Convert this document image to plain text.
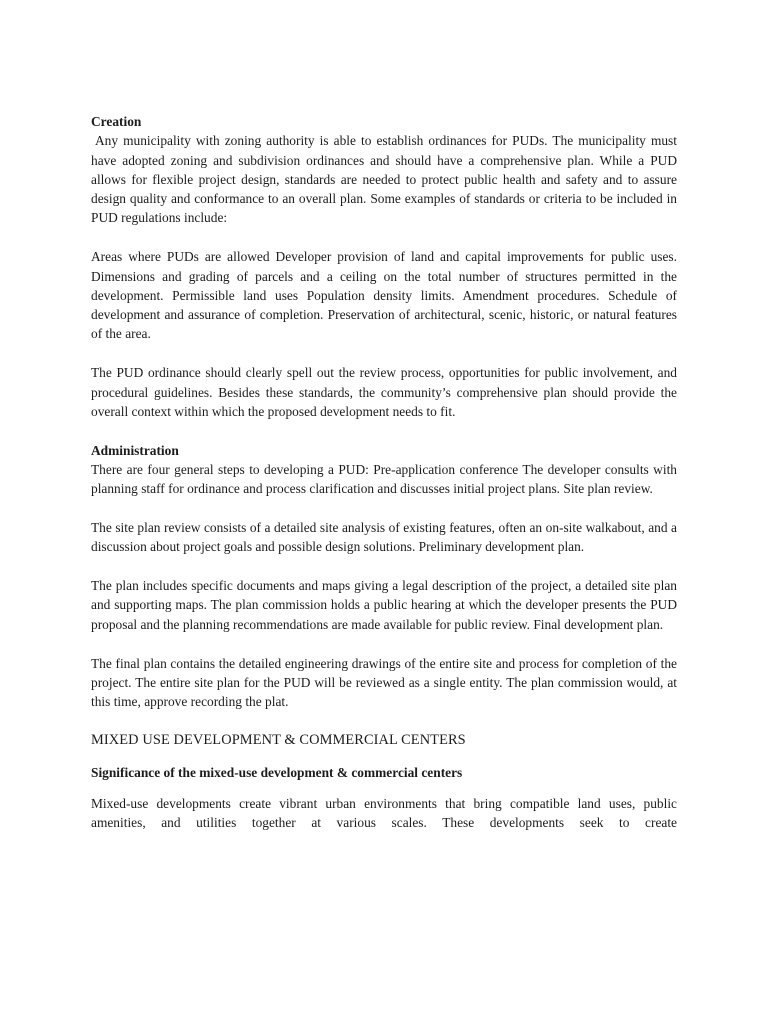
Creation

Any municipality with zoning authority is able to establish ordinances for PUDs. The municipality must have adopted zoning and subdivision ordinances and should have a comprehensive plan. While a PUD allows for flexible project design, standards are needed to protect public health and safety and to assure design quality and conformance to an overall plan. Some examples of standards or criteria to be included in PUD regulations include:

Areas where PUDs are allowed Developer provision of land and capital improvements for public uses. Dimensions and grading of parcels and a ceiling on the total number of structures permitted in the development. Permissible land uses Population density limits. Amendment procedures. Schedule of development and assurance of completion. Preservation of architectural, scenic, historic, or natural features of the area.

The PUD ordinance should clearly spell out the review process, opportunities for public involvement, and procedural guidelines. Besides these standards, the community’s comprehensive plan should provide the overall context within which the proposed development needs to fit.

Administration

There are four general steps to developing a PUD: Pre-application conference The developer consults with planning staff for ordinance and process clarification and discusses initial project plans. Site plan review.

The site plan review consists of a detailed site analysis of existing features, often an on-site walkabout, and a discussion about project goals and possible design solutions. Preliminary development plan.

The plan includes specific documents and maps giving a legal description of the project, a detailed site plan and supporting maps. The plan commission holds a public hearing at which the developer presents the PUD proposal and the planning recommendations are made available for public review. Final development plan.

The final plan contains the detailed engineering drawings of the entire site and process for completion of the project. The entire site plan for the PUD will be reviewed as a single entity. The plan commission would, at this time, approve recording the plat.

MIXED USE DEVELOPMENT & COMMERCIAL CENTERS

Significance of the mixed-use development & commercial centers

Mixed-use developments create vibrant urban environments that bring compatible land uses, public amenities, and utilities together at various scales. These developments seek to create
